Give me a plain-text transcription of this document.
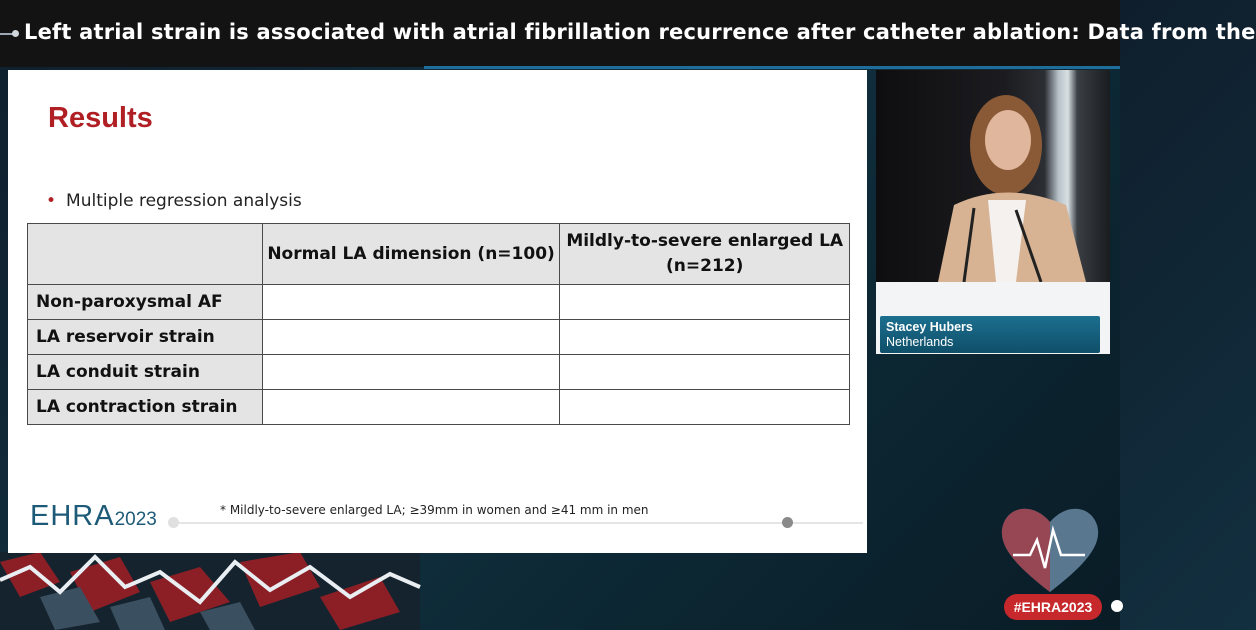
Left atrial strain is associated with atrial fibrillation recurrence after catheter ablation: Data from the
Results
• Multiple regression analysis
	Normal LA dimension (n=100)	Mildly-to-severe enlarged LA (n=212)
Non-paroxysmal AF		
LA reservoir strain		
LA conduit strain		
LA contraction strain		
EHRA2023	* Mildly-to-severe enlarged LA; ≥39mm in women and ≥41 mm in men
Stacey Hubers
Netherlands
#EHRA2023
